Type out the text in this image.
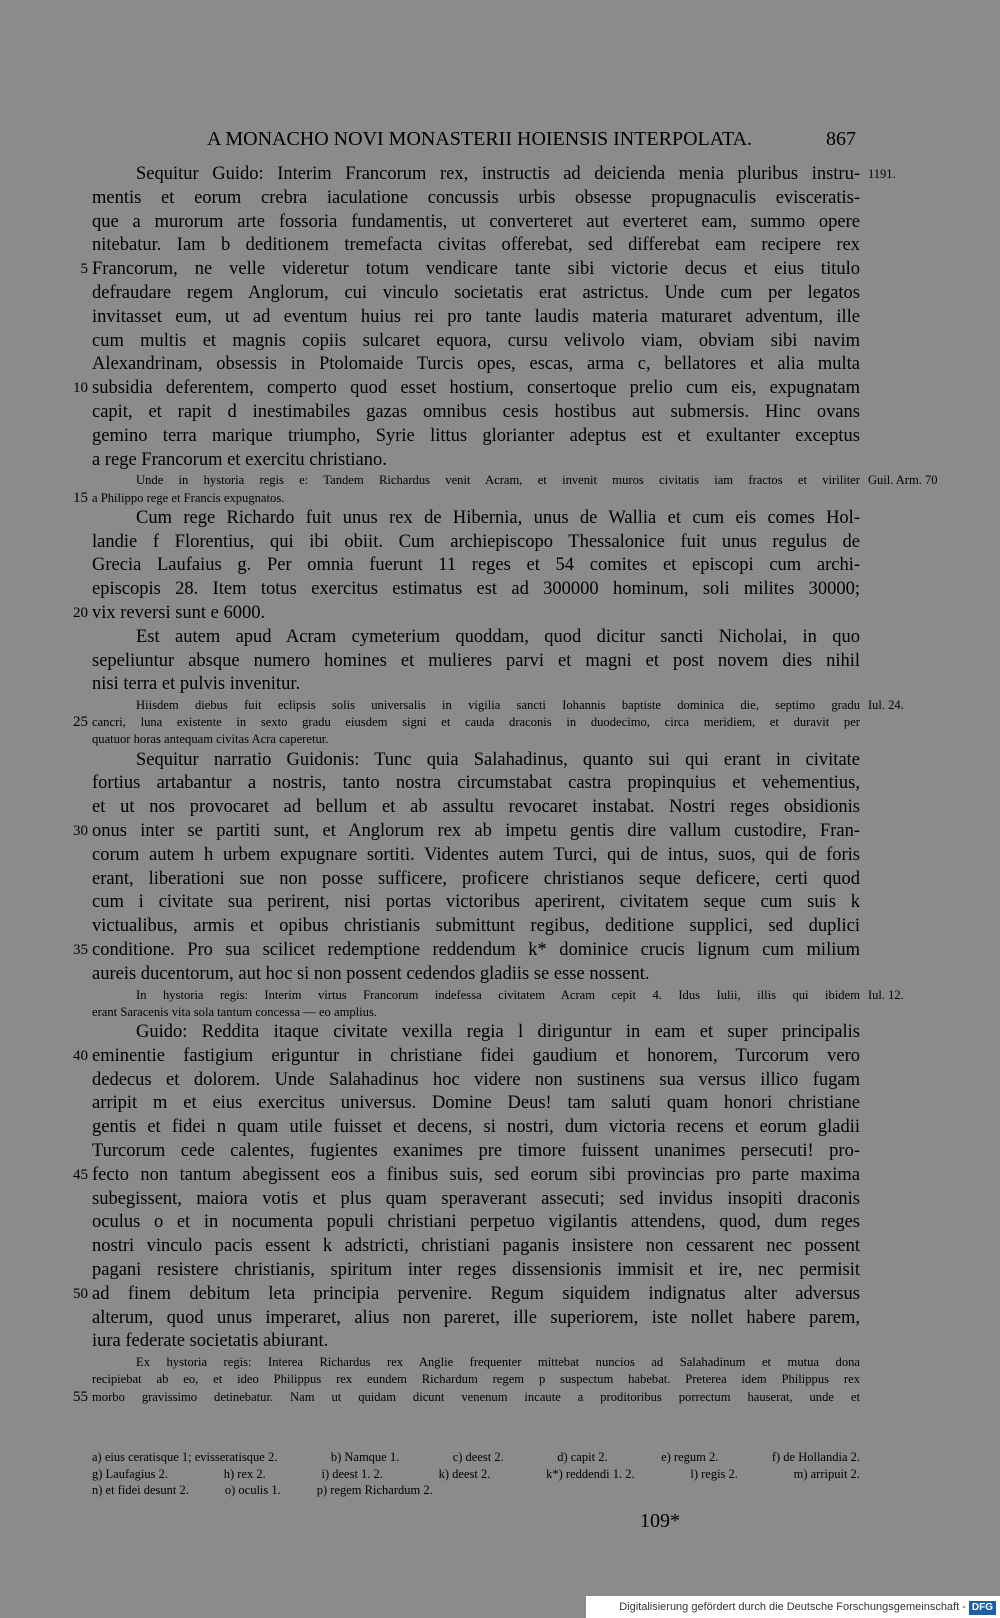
A MONACHO NOVI MONASTERII HOIENSIS INTERPOLATA.	867
Sequitur Guido: Interim Francorum rex, instructis ad deicienda menia pluribus instru- 1191.
mentis et eorum crebra iaculatione concussis urbis obsesse propugnaculis evisceratis-
que a murorum arte fossoria fundamentis, ut converteret aut everteret eam, summo opere
nitebatur. Iam b deditionem tremefacta civitas offerebat, sed differebat eam recipere rex
Francorum, ne velle videretur totum vendicare tante sibi victorie decus et eius titulo
5
defraudare regem Anglorum, cui vinculo societatis erat astrictus. Unde cum per legatos
invitasset eum, ut ad eventum huius rei pro tante laudis materia maturaret adventum, ille
cum multis et magnis copiis sulcaret equora, cursu velivolo viam, obviam sibi navim
Alexandrinam, obsessis in Ptolomaide Turcis opes, escas, arma c, bellatores et alia multa
subsidia deferentem, comperto quod esset hostium, consertoque prelio cum eis, expugnatam
10
capit, et rapit d inestimabiles gazas omnibus cesis hostibus aut submersis. Hinc ovans
gemino terra marique triumpho, Syrie littus glorianter adeptus est et exultanter exceptus
a rege Francorum et exercitu christiano.
Unde in hystoria regis e: Tandem Richardus venit Acram, et invenit muros civitatis iam fractos et viriliter Guil. Arm. 70
a Philippo rege et Francis expugnatos.
15
Cum rege Richardo fuit unus rex de Hibernia, unus de Wallia et cum eis comes Hol-
landie f Florentius, qui ibi obiit. Cum archiepiscopo Thessalonice fuit unus regulus de
Grecia Laufaius g. Per omnia fuerunt 11 reges et 54 comites et episcopi cum archi-
episcopis 28. Item totus exercitus estimatus est ad 300000 hominum, soli milites 30000;
vix reversi sunt e 6000.
20
Est autem apud Acram cymeterium quoddam, quod dicitur sancti Nicholai, in quo
sepeliuntur absque numero homines et mulieres parvi et magni et post novem dies nihil
nisi terra et pulvis invenitur.
Hiisdem diebus fuit eclipsis solis universalis in vigilia sancti Iohannis baptiste dominica die, septimo gradu Iul. 24.
cancri, luna existente in sexto gradu eiusdem signi et cauda draconis in duodecimo, circa meridiem, et duravit per
25
quatuor horas antequam civitas Acra caperetur.
Sequitur narratio Guidonis: Tunc quia Salahadinus, quanto sui qui erant in civitate
fortius artabantur a nostris, tanto nostra circumstabat castra propinquius et vehementius,
et ut nos provocaret ad bellum et ab assultu revocaret instabat. Nostri reges obsidionis
onus inter se partiti sunt, et Anglorum rex ab impetu gentis dire vallum custodire, Fran-
30
corum autem h urbem expugnare sortiti. Videntes autem Turci, qui de intus, suos, qui de foris
erant, liberationi sue non posse sufficere, proficere christianos seque deficere, certi quod
cum i civitate sua perirent, nisi portas victoribus aperirent, civitatem seque cum suis k
victualibus, armis et opibus christianis submittunt regibus, deditione supplici, sed duplici
conditione. Pro sua scilicet redemptione reddendum k* dominice crucis lignum cum milium
35
aureis ducentorum, aut hoc si non possent cedendos gladiis se esse nossent.
In hystoria regis: Interim virtus Francorum indefessa civitatem Acram cepit 4. Idus Iulii, illis qui ibidem Iul. 12.
erant Saracenis vita sola tantum concessa — eo amplius.
Guido: Reddita itaque civitate vexilla regia l diriguntur in eam et super principalis
eminentie fastigium eriguntur in christiane fidei gaudium et honorem, Turcorum vero
40
dedecus et dolorem. Unde Salahadinus hoc videre non sustinens sua versus illico fugam
arripit m et eius exercitus universus. Domine Deus! tam saluti quam honori christiane
gentis et fidei n quam utile fuisset et decens, si nostri, dum victoria recens et eorum gladii
Turcorum cede calentes, fugientes exanimes pre timore fuissent unanimes persecuti! pro-
fecto non tantum abegissent eos a finibus suis, sed eorum sibi provincias pro parte maxima
45
subegissent, maiora votis et plus quam speraverant assecuti; sed invidus insopiti draconis
oculus o et in nocumenta populi christiani perpetuo vigilantis attendens, quod, dum reges
nostri vinculo pacis essent k adstricti, christiani paganis insistere non cessarent nec possent
pagani resistere christianis, spiritum inter reges dissensionis immisit et ire, nec permisit
ad finem debitum leta principia pervenire. Regum siquidem indignatus alter adversus
50
alterum, quod unus imperaret, alius non pareret, ille superiorem, iste nollet habere parem,
iura federate societatis abiurant.
Ex hystoria regis: Interea Richardus rex Anglie frequenter mittebat nuncios ad Salahadinum et mutua dona
recipiebat ab eo, et ideo Philippus rex eundem Richardum regem p suspectum habebat. Preterea idem Philippus rex
morbo gravissimo detinebatur. Nam ut quidam dicunt venenum incaute a proditoribus porrectum hauserat, unde et
55
a) eius ceratisque 1; evisseratisque 2.	b) Namque 1.	c) deest 2.	d) capit 2.	e) regum 2.	f) de Hollandia 2.
g) Laufagius 2.	h) rex 2.	i) deest 1. 2.	k) deest 2.	k*) reddendi 1. 2.	l) regis 2.	m) arripuit 2.
n) et fidei desunt 2.	o) oculis 1.	p) regem Richardum 2.
109*
Digitalisierung gefördert durch die Deutsche Forschungsgemeinschaft - DFG
